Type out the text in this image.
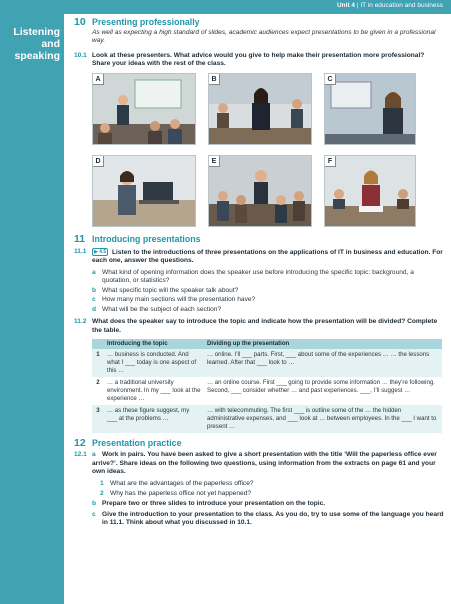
Listening
and speaking
Unit 4 | IT in education and business
10 Presenting professionally
As well as expecting a high standard of slides, academic audiences expect presentations to be given in a professional way.
10.1 Look at these presenters. What advice would you give to help make their presentation more professional? Share your ideas with the rest of the class.
A	B	C
D	E	F
11 Introducing presentations
11.1	▶ 4.5 Listen to the introductions of three presentations on the applications of IT in business and education. For each one, answer the questions.
a What kind of opening information does the speaker use before introducing the specific topic: background, a quotation, or statistics?
b What specific topic will the speaker talk about?
c How many main sections will the presentation have?
d What will be the subject of each section?
11.2 What does the speaker say to introduce the topic and indicate how the presentation will be divided? Complete the table.
	Introducing the topic	Dividing up the presentation
1	… business is conducted. And what I ___ today is one aspect of this …	… online. I’ll ___ parts. First, ___ about some of the experiences … … the lessons learned. After that ___ look to …
2	… a traditional university environment. In my ___ look at the experience …	… an online course. First ___ going to provide some information … they’re following. Second, ___ consider whether … and past experiences. ___, I’ll suggest …
3	… as these figure suggest, my ___ at the problems …	… with telecommuting. The first ___ is outline some of the … the hidden administrative expenses, and ___ look at … between employees. In the ___ I want to present …
12 Presentation practice
12.1 a Work in pairs. You have been asked to give a short presentation with the title ‘Will the paperless office ever arrive?’. Share ideas on the following two questions, using information from the extracts on page 61 and your own ideas.
1 What are the advantages of the paperless office?
2 Why has the paperless office not yet happened?
b Prepare two or three slides to introduce your presentation on the topic.
c Give the introduction to your presentation to the class. As you do, try to use some of the language you heard in 11.1. Think about what you discussed in 10.1.
